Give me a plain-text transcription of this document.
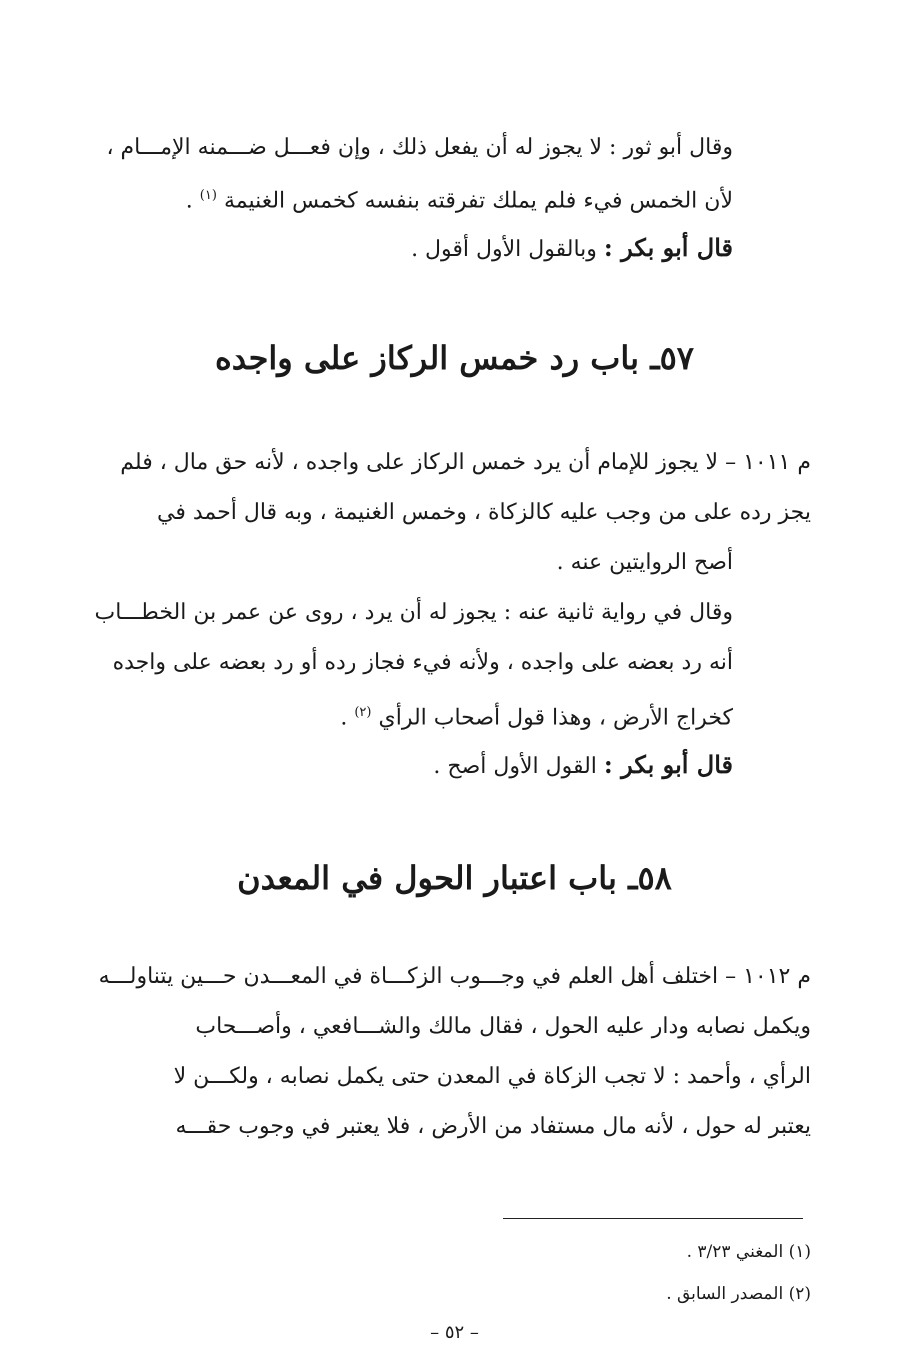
وقال أبو ثور : لا يجوز له أن يفعل ذلك ، وإن فعـــل ضـــمنه الإمـــام ،
لأن الخمس فيء فلم يملك تفرقته بنفسه كخمس الغنيمة $^{(١)}$ .
قال أبو بكر : وبالقول الأول أقول .
٥٧ـ باب رد خمس الركاز على واجده
م ١٠١١ – لا يجوز للإمام أن يرد خمس الركاز على واجده ، لأنه حق مال ، فلم
يجز رده على من وجب عليه كالزكاة ، وخمس الغنيمة ، وبه قال أحمد في
أصح الروايتين عنه .
وقال في رواية ثانية عنه : يجوز له أن يرد ، روى عن عمر بن الخطـــاب
أنه رد بعضه على واجده ، ولأنه فيء فجاز رده أو رد بعضه على واجده
كخراج الأرض ، وهذا قول أصحاب الرأي $^{(٢)}$ .
قال أبو بكر : القول الأول أصح .
٥٨ـ باب اعتبار الحول في المعدن
م ١٠١٢ – اختلف أهل العلم في وجـــوب الزكـــاة في المعـــدن حـــين يتناولـــه
ويكمل نصابه ودار عليه الحول ، فقال مالك والشـــافعي ، وأصـــحاب
الرأي ، وأحمد : لا تجب الزكاة في المعدن حتى يكمل نصابه ، ولكـــن لا
يعتبر له حول ، لأنه مال مستفاد من الأرض ، فلا يعتبر في وجوب حقـــه
(١) المغني ٣/٢٣ .
(٢) المصدر السابق .
– ٥٢ –
